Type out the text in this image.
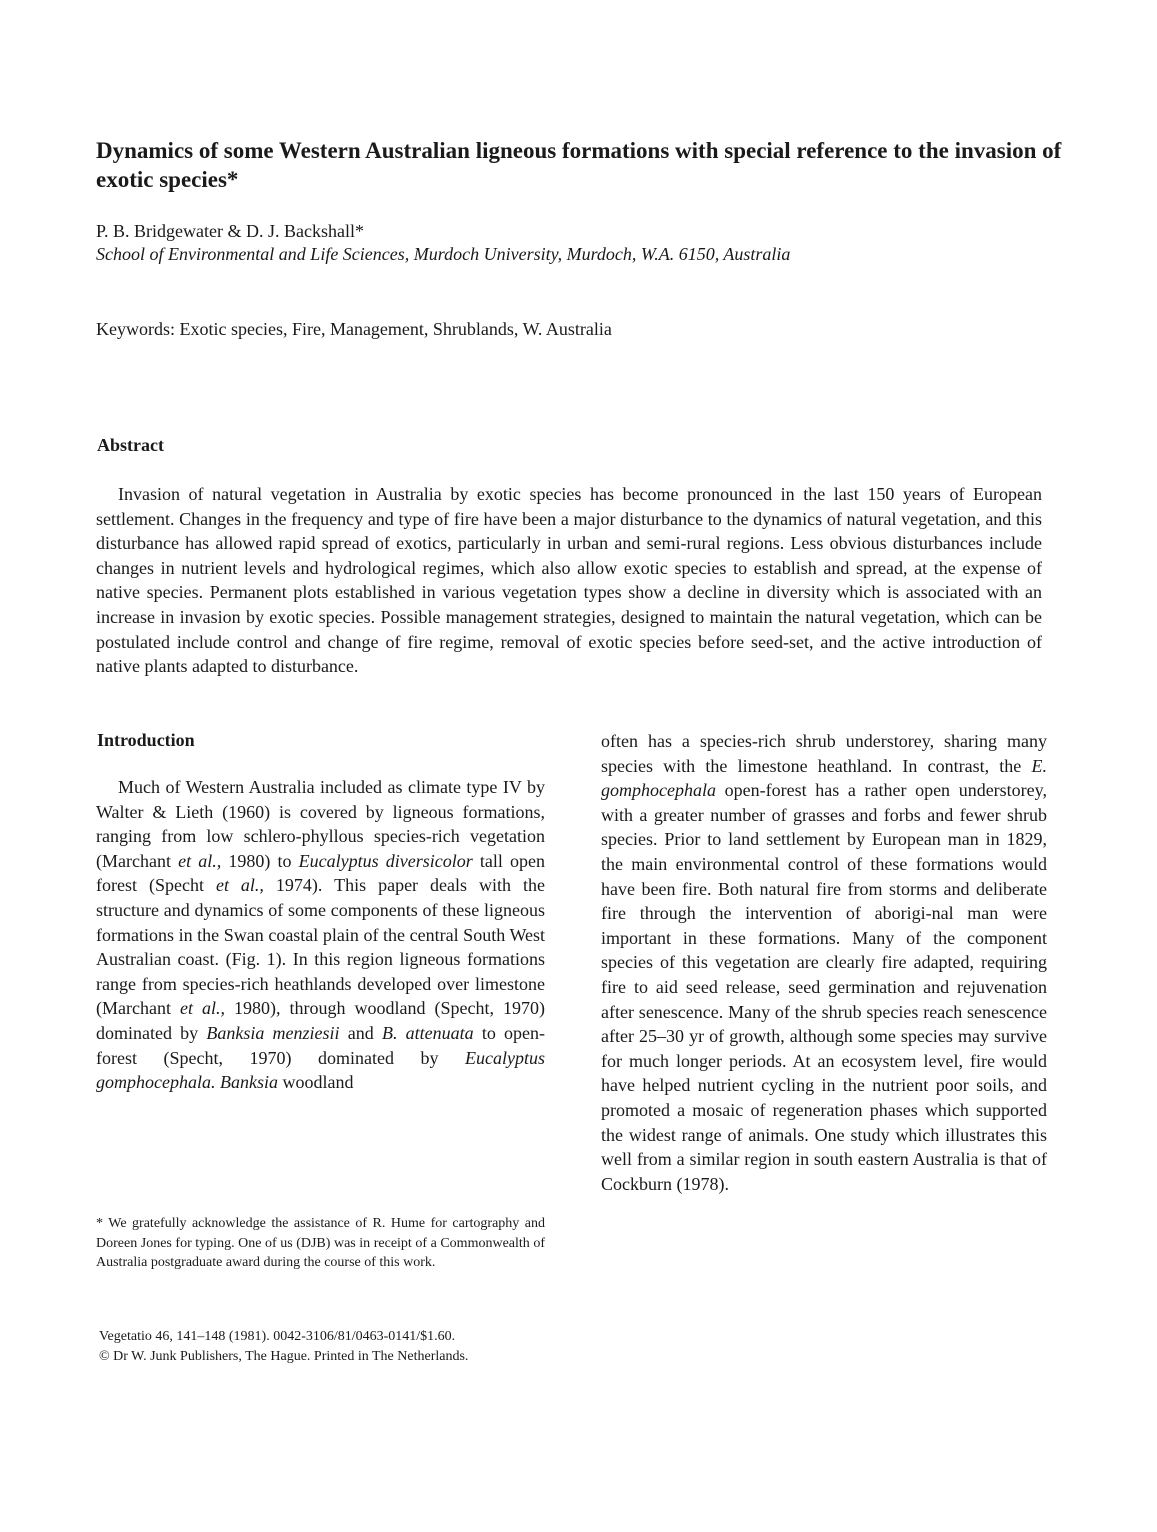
Dynamics of some Western Australian ligneous formations with special reference to the invasion of exotic species*
P. B. Bridgewater & D. J. Backshall*
School of Environmental and Life Sciences, Murdoch University, Murdoch, W.A. 6150, Australia
Keywords: Exotic species, Fire, Management, Shrublands, W. Australia
Abstract

Invasion of natural vegetation in Australia by exotic species has become pronounced in the last 150 years of European settlement. Changes in the frequency and type of fire have been a major disturbance to the dynamics of natural vegetation, and this disturbance has allowed rapid spread of exotics, particularly in urban and semi-rural regions. Less obvious disturbances include changes in nutrient levels and hydrological regimes, which also allow exotic species to establish and spread, at the expense of native species. Permanent plots established in various vegetation types show a decline in diversity which is associated with an increase in invasion by exotic species. Possible management strategies, designed to maintain the natural vegetation, which can be postulated include control and change of fire regime, removal of exotic species before seed-set, and the active introduction of native plants adapted to disturbance.

Introduction

Much of Western Australia included as climate type IV by Walter & Lieth (1960) is covered by ligneous formations, ranging from low schlero-phyllous species-rich vegetation (Marchant et al., 1980) to Eucalyptus diversicolor tall open forest (Specht et al., 1974). This paper deals with the structure and dynamics of some components of these ligneous formations in the Swan coastal plain of the central South West Australian coast. (Fig. 1). In this region ligneous formations range from species-rich heathlands developed over limestone (Marchant et al., 1980), through woodland (Specht, 1970) dominated by Banksia menziesii and B. attenuata to open-forest (Specht, 1970) dominated by Eucalyptus gomphocephala. Banksia woodland

* We gratefully acknowledge the assistance of R. Hume for cartography and Doreen Jones for typing. One of us (DJB) was in receipt of a Commonwealth of Australia postgraduate award during the course of this work.

Vegetatio 46, 141–148 (1981). 0042-3106/81/0463-0141/$1.60.
© Dr W. Junk Publishers, The Hague. Printed in The Netherlands.

often has a species-rich shrub understorey, sharing many species with the limestone heathland. In contrast, the E. gomphocephala open-forest has a rather open understorey, with a greater number of grasses and forbs and fewer shrub species. Prior to land settlement by European man in 1829, the main environmental control of these formations would have been fire. Both natural fire from storms and deliberate fire through the intervention of aborigi-nal man were important in these formations. Many of the component species of this vegetation are clearly fire adapted, requiring fire to aid seed release, seed germination and rejuvenation after senescence. Many of the shrub species reach senescence after 25–30 yr of growth, although some species may survive for much longer periods. At an ecosystem level, fire would have helped nutrient cycling in the nutrient poor soils, and promoted a mosaic of regeneration phases which supported the widest range of animals. One study which illustrates this well from a similar region in south eastern Australia is that of Cockburn (1978).
